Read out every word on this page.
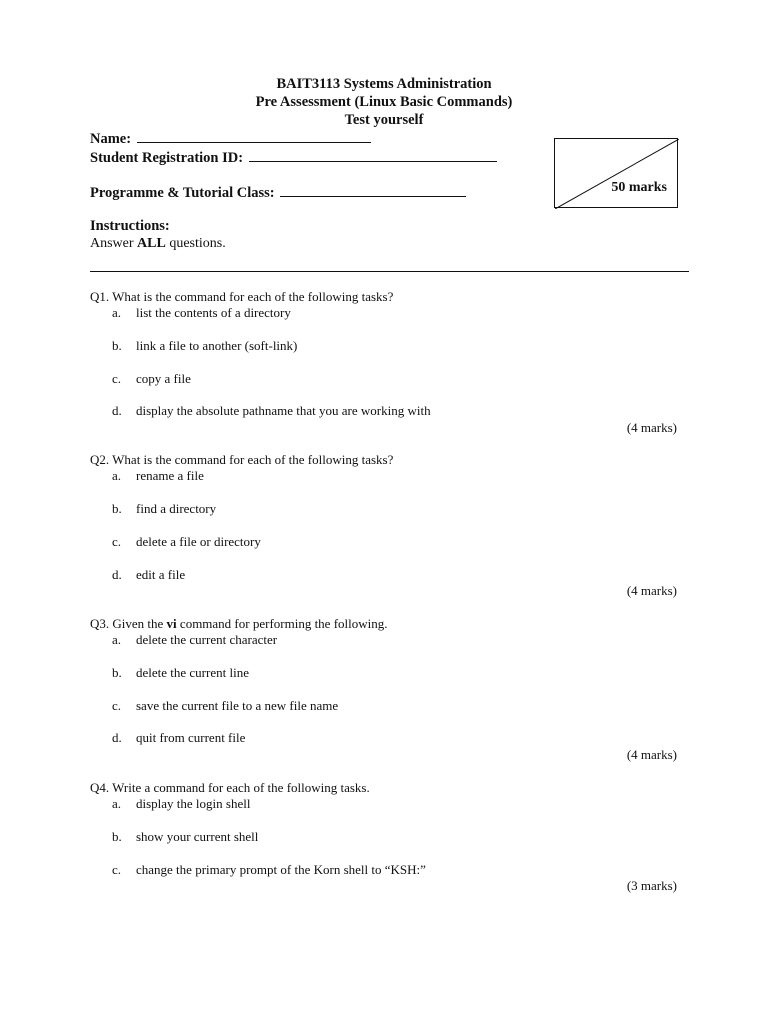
BAIT3113 Systems Administration
Pre Assessment (Linux Basic Commands)
Test yourself
Name:
Student Registration ID:
Programme & Tutorial Class:	50 marks
Instructions:
Answer ALL questions.
Q1. What is the command for each of the following tasks?
a. list the contents of a directory
b. link a file to another (soft-link)
c. copy a file
d. display the absolute pathname that you are working with
(4 marks)
Q2. What is the command for each of the following tasks?
a. rename a file
b. find a directory
c. delete a file or directory
d. edit a file
(4 marks)
Q3. Given the vi command for performing the following.
a. delete the current character
b. delete the current line
c. save the current file to a new file name
d. quit from current file
(4 marks)
Q4. Write a command for each of the following tasks.
a. display the login shell
b. show your current shell
c. change the primary prompt of the Korn shell to “KSH:”
(3 marks)
